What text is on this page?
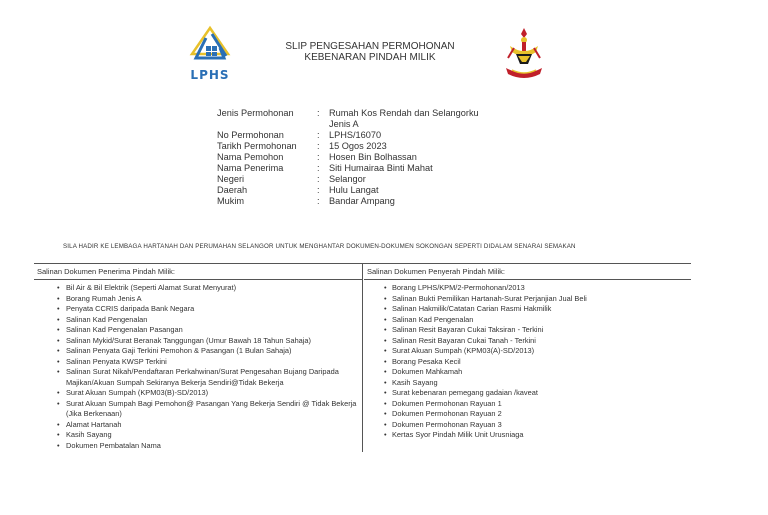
LPHS
SLIP PENGESAHAN PERMOHONAN
KEBENARAN PINDAH MILIK
Jenis Permohonan	:	Rumah Kos Rendah dan Selangorku Jenis A
No Permohonan	:	LPHS/16070
Tarikh Permohonan	:	15 Ogos 2023
Nama Pemohon	:	Hosen Bin Bolhassan
Nama Penerima	:	Siti Humairaa Binti Mahat
Negeri	:	Selangor
Daerah	:	Hulu Langat
Mukim	:	Bandar Ampang
SILA HADIR KE LEMBAGA HARTANAH DAN PERUMAHAN SELANGOR UNTUK MENGHANTAR DOKUMEN-DOKUMEN SOKONGAN SEPERTI DIDALAM SENARAI SEMAKAN
Salinan Dokumen Penerima Pindah Milik:
• Bil Air & Bil Elektrik (Seperti Alamat Surat Menyurat)
• Borang Rumah Jenis A
• Penyata CCRIS daripada Bank Negara
• Salinan Kad Pengenalan
• Salinan Kad Pengenalan Pasangan
• Salinan Mykid/Surat Beranak Tanggungan (Umur Bawah 18 Tahun Sahaja)
• Salinan Penyata Gaji Terkini Pemohon & Pasangan (1 Bulan Sahaja)
• Salinan Penyata KWSP Terkini
• Salinan Surat Nikah/Pendaftaran Perkahwinan/Surat Pengesahan Bujang Daripada Majikan/Akuan Sumpah Sekiranya Bekerja Sendiri@Tidak Bekerja
• Surat Akuan Sumpah (KPM03(B)-SD/2013)
• Surat Akuan Sumpah Bagi Pemohon@ Pasangan Yang Bekerja Sendiri @ Tidak Bekerja (Jika Berkenaan)
• Alamat Hartanah
• Kasih Sayang
• Dokumen Pembatalan Nama
Salinan Dokumen Penyerah Pindah Milik:
• Borang LPHS/KPM/2-Permohonan/2013
• Salinan Bukti Pemilikan Hartanah-Surat Perjanjian Jual Beli
• Salinan Hakmilik/Catatan Carian Rasmi Hakmilik
• Salinan Kad Pengenalan
• Salinan Resit Bayaran Cukai Taksiran - Terkini
• Salinan Resit Bayaran Cukai Tanah - Terkini
• Surat Akuan Sumpah (KPM03(A)-SD/2013)
• Borang Pesaka Kecil
• Dokumen Mahkamah
• Kasih Sayang
• Surat kebenaran pemegang gadaian /kaveat
• Dokumen Permohonan Rayuan 1
• Dokumen Permohonan Rayuan 2
• Dokumen Permohonan Rayuan 3
• Kertas Syor Pindah Milik Unit Urusniaga
